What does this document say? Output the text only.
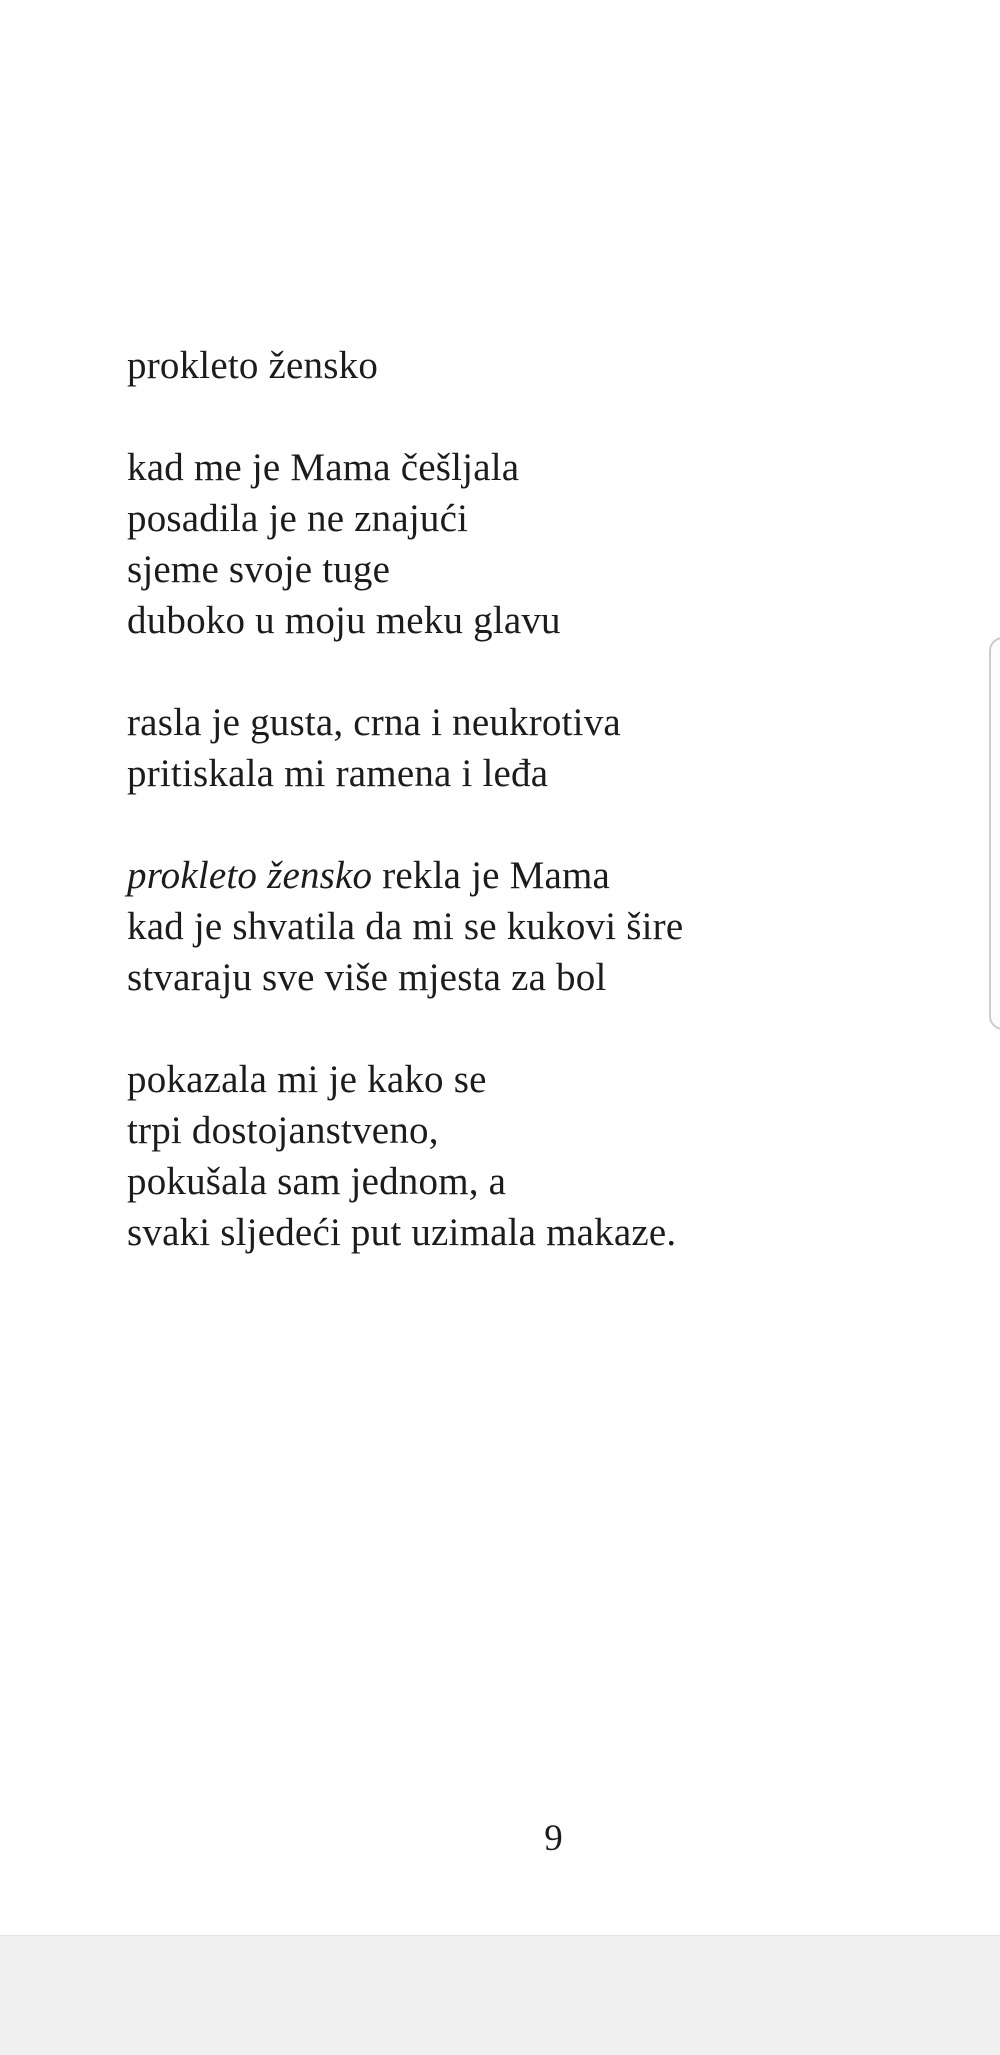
prokleto žensko
kad me je Mama češljala
posadila je ne znajući
sjeme svoje tuge
duboko u moju meku glavu
rasla je gusta, crna i neukrotiva
pritiskala mi ramena i leđa
prokleto žensko rekla je Mama
kad je shvatila da mi se kukovi šire
stvaraju sve više mjesta za bol
pokazala mi je kako se
trpi dostojanstveno,
pokušala sam jednom, a
svaki sljedeći put uzimala makaze.
9
